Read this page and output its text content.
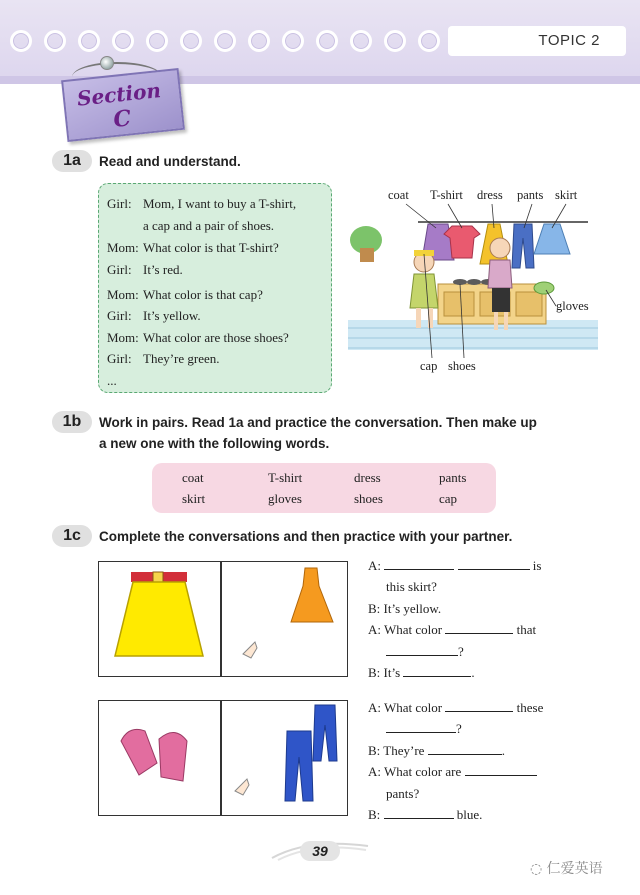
TOPIC 2
Section
C
1a	Read and understand.
Girl: Mom, I want to buy a T-shirt,
a cap and a pair of shoes.
Mom: What color is that T-shirt?
Girl: It’s red.
Mom: What color is that cap?
Girl: It’s yellow.
Mom: What color are those shoes?
Girl: They’re green.
...
coat T-shirt dress pants skirt
gloves
cap shoes
1b	Work in pairs. Read 1a and practice the conversation. Then make up
a new one with the following words.
coat	T-shirt	dress	pants
skirt	gloves	shoes	cap
1c	Complete the conversations and then practice with your partner.
A:	is
this skirt?
B: It’s yellow.
A: What color	that
?
B: It’s	.
A: What color	these
?
B: They’re	.
A: What color are
pants?
B:	blue.
39
◌ 仁爱英语
